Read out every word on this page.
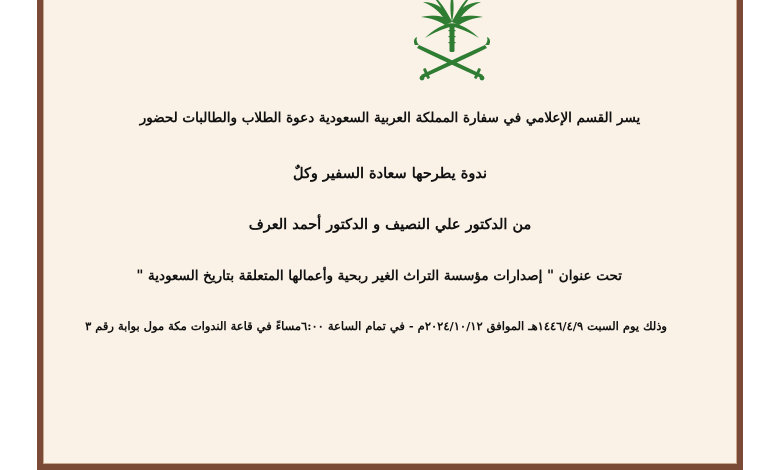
يسر القسم الإعلامي في سفارة المملكة العربية السعودية دعوة الطلاب والطالبات لحضور
ندوة يطرحها سعادة السفير وكلٌ
من الدكتور علي النصيف و الدكتور أحمد العرف
تحت عنوان " إصدارات مؤسسة التراث الغير ربحية وأعمالها المتعلقة بتاريخ السعودية "
وذلك يوم السبت ١٤٤٦/٤/٩هـ الموافق ٢٠٢٤/١٠/١٢م - في تمام الساعة ٦:٠٠مساءً في قاعة الندوات مكة مول بوابة رقم ٣
